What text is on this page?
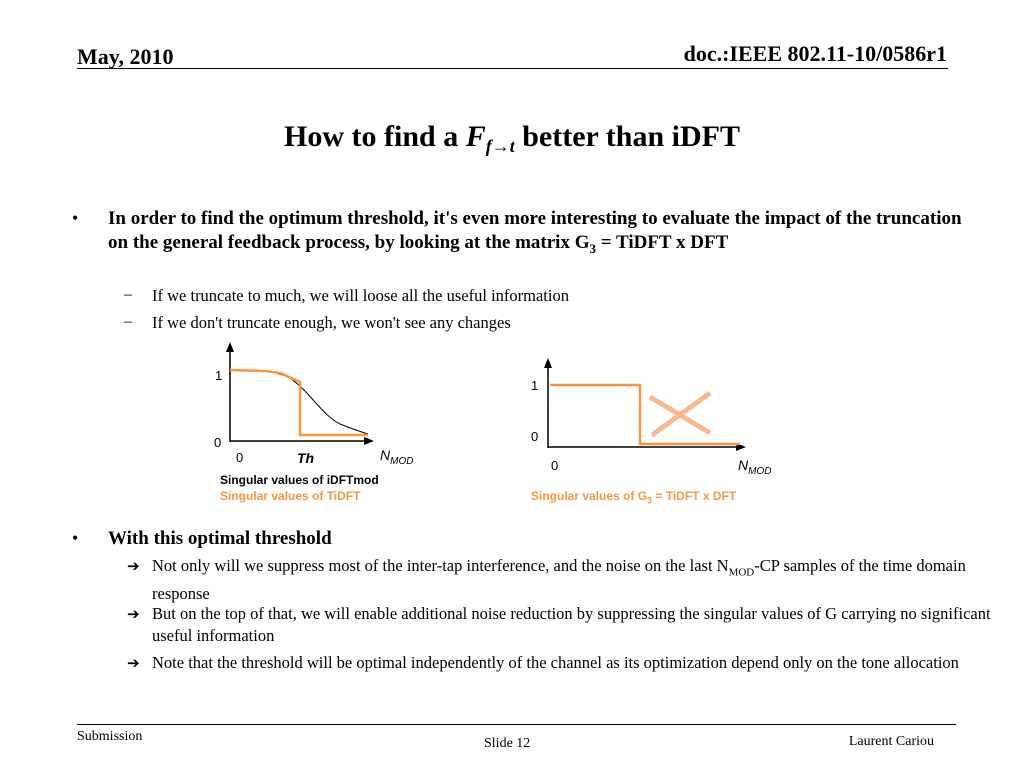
May, 2010	doc.:IEEE 802.11-10/0586r1
How to find a $F_{f\to t}$ better than iDFT
• In order to find the optimum threshold, it's even more interesting to evaluate the impact of the truncation on the general feedback process, by looking at the matrix $G_3$ = TiDFT x DFT
– If we truncate to much, we will loose all the useful information
– If we don't truncate enough, we won't see any changes
1
0
0	Th	$N_{MOD}$
Singular values of iDFTmod
Singular values of TiDFT
1
0
0	$N_{MOD}$
Singular values of $G_3$ = TiDFT x DFT
• With this optimal threshold
➔ Not only will we suppress most of the inter-tap interference, and the noise on the last $N_{MOD}-CP$ samples of the time domain response
➔ But on the top of that, we will enable additional noise reduction by suppressing the singular values of G carrying no significant useful information
➔ Note that the threshold will be optimal independently of the channel as its optimization depend only on the tone allocation
Submission	Slide 12	Laurent Cariou
